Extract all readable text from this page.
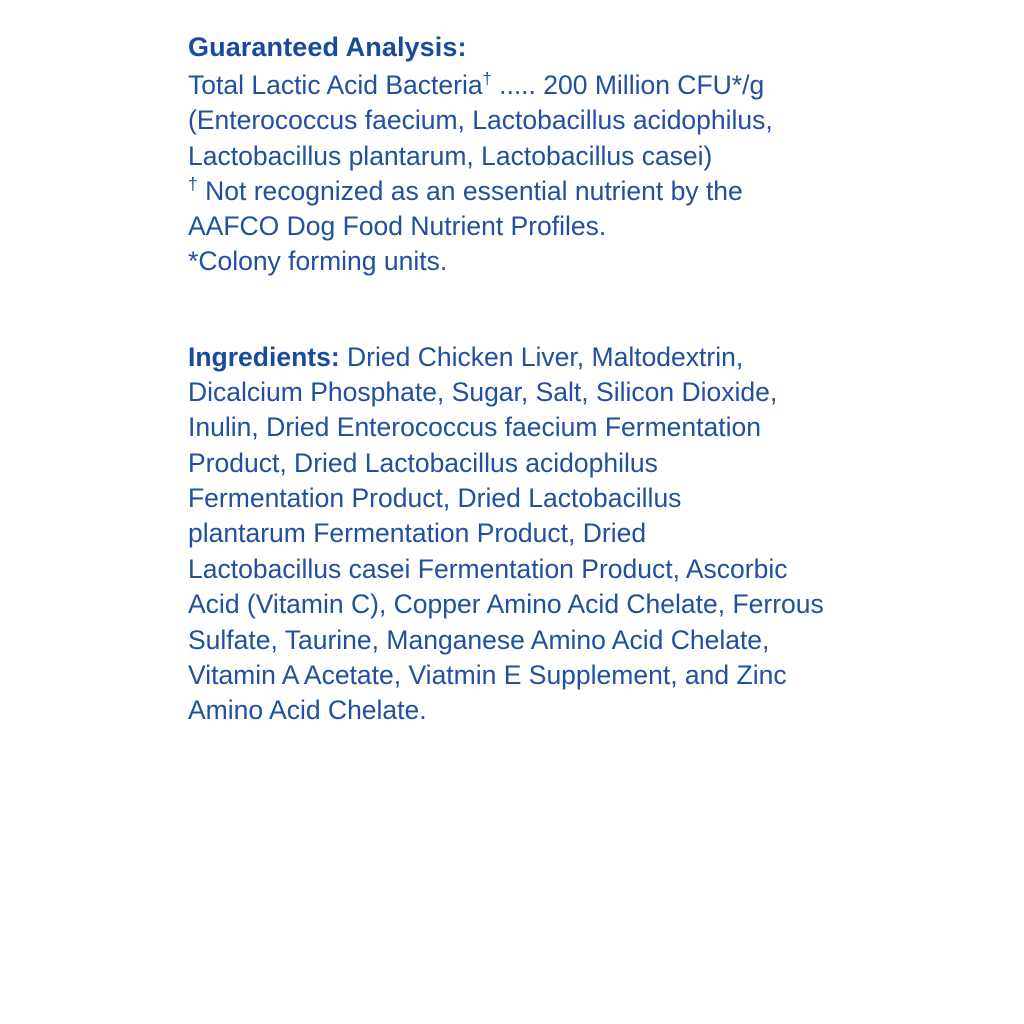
Guaranteed Analysis:
Total Lactic Acid Bacteria† ..... 200 Million CFU*/g
(Enterococcus faecium, Lactobacillus acidophilus,
Lactobacillus plantarum, Lactobacillus casei)
† Not recognized as an essential nutrient by the
AAFCO Dog Food Nutrient Profiles.
*Colony forming units.
Ingredients: Dried Chicken Liver, Maltodextrin,
Dicalcium Phosphate, Sugar, Salt, Silicon Dioxide,
Inulin, Dried Enterococcus faecium Fermentation
Product, Dried Lactobacillus acidophilus
Fermentation Product, Dried Lactobacillus
plantarum Fermentation Product, Dried
Lactobacillus casei Fermentation Product, Ascorbic
Acid (Vitamin C), Copper Amino Acid Chelate, Ferrous
Sulfate, Taurine, Manganese Amino Acid Chelate,
Vitamin A Acetate, Viatmin E Supplement, and Zinc
Amino Acid Chelate.
